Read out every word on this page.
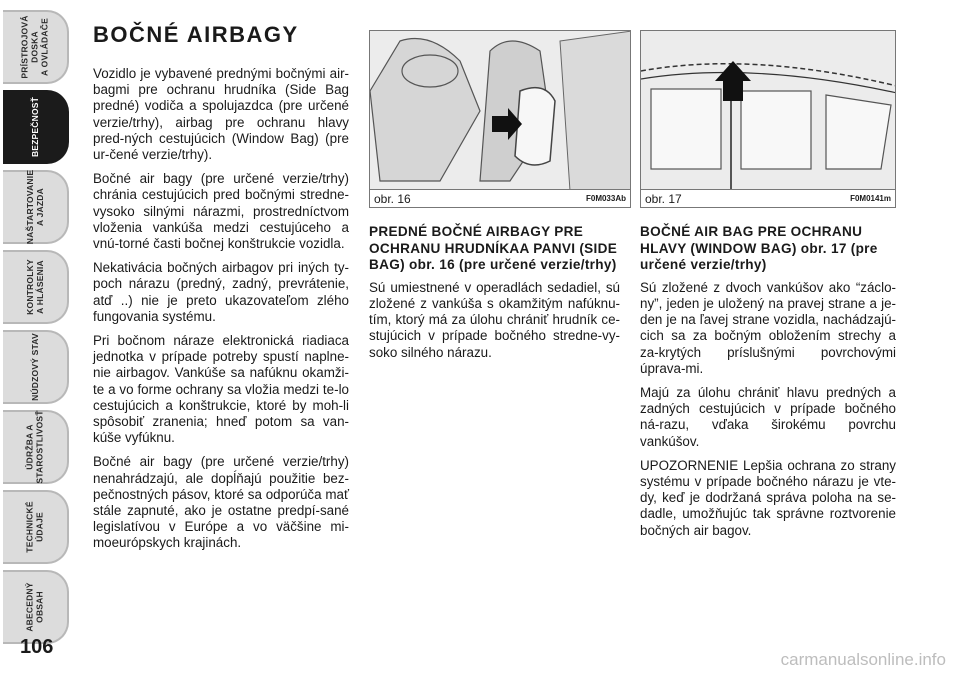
PRÍSTROJOVÁ
DOSKA
A OVLÁDAČE
BEZPEČNOSŤ
NAŠTARTOVANIE
A JAZDA
KONTROLKY
A HLÁSENIA
NÚDZOVÝ STAV
ÚDRŽBA A
STAROSTLIVOSŤ
TECHNICKÉ
ÚDAJE
ABECEDNÝ
OBSAH
106
BOČNÉ AIRBAGY

Vozidlo je vybavené prednými bočnými air-bagmi pre ochranu hrudníka (Side Bag predné) vodiča a spolujazdca (pre určené verzie/trhy), airbag pre ochranu hlavy pred-ných cestujúcich (Window Bag) (pre ur-čené verzie/trhy).

Bočné air bagy (pre určené verzie/trhy) chránia cestujúcich pred bočnými stredne-vysoko silnými nárazmi, prostredníctvom vloženia vankúša medzi cestujúceho a vnú-torné časti bočnej konštrukcie vozidla.

Nekativácia bočných airbagov pri iných ty-poch nárazu (predný, zadný, prevrátenie, atď ..) nie je preto ukazovateľom zlého fungovania systému.

Pri bočnom náraze elektronická riadiaca jednotka v prípade potreby spustí naplne-nie airbagov. Vankúše sa nafúknu okamži-te a vo forme ochrany sa vložia medzi te-lo cestujúcich a konštrukcie, ktoré by moh-li spôsobiť zranenia; hneď potom sa van-kúše vyfúknu.

Bočné air bagy (pre určené verzie/trhy) nenahrádzajú, ale dopĺňajú použitie bez-pečnostných pásov, ktoré sa odporúča mať stále zapnuté, ako je ostatne predpí-sané legislatívou v Európe a vo väčšine mi-moeurópskych krajinách.

obr. 16	F0M033Ab obr. 17	F0M0141m
PREDNÉ BOČNÉ AIRBAGY PRE OCHRANU HRUDNÍKAA PANVI (SIDE BAG) obr. 16 (pre určené verzie/trhy)

Sú umiestnené v operadlách sedadiel, sú zložené z vankúša s okamžitým nafúknu-tím, ktorý má za úlohu chrániť hrudník ce-stujúcich v prípade bočného stredne-vy-soko silného nárazu.

BOČNÉ AIR BAG PRE OCHRANU HLAVY (WINDOW BAG) obr. 17 (pre určené verzie/trhy)

Sú zložené z dvoch vankúšov ako “záclo-ny”, jeden je uložený na pravej strane a je-den je na ľavej strane vozidla, nachádzajú-cich sa za bočným obložením strechy a za-krytých príslušnými povrchovými úprava-mi.

Majú za úlohu chrániť hlavu predných a zadných cestujúcich v prípade bočného ná-razu, vďaka širokému povrchu vankúšov.

UPOZORNENIE Lepšia ochrana zo strany systému v prípade bočného nárazu je vte-dy, keď je dodržaná správa poloha na se-dadle, umožňujúc tak správne roztvorenie bočných air bagov.

carmanualsonline.info
